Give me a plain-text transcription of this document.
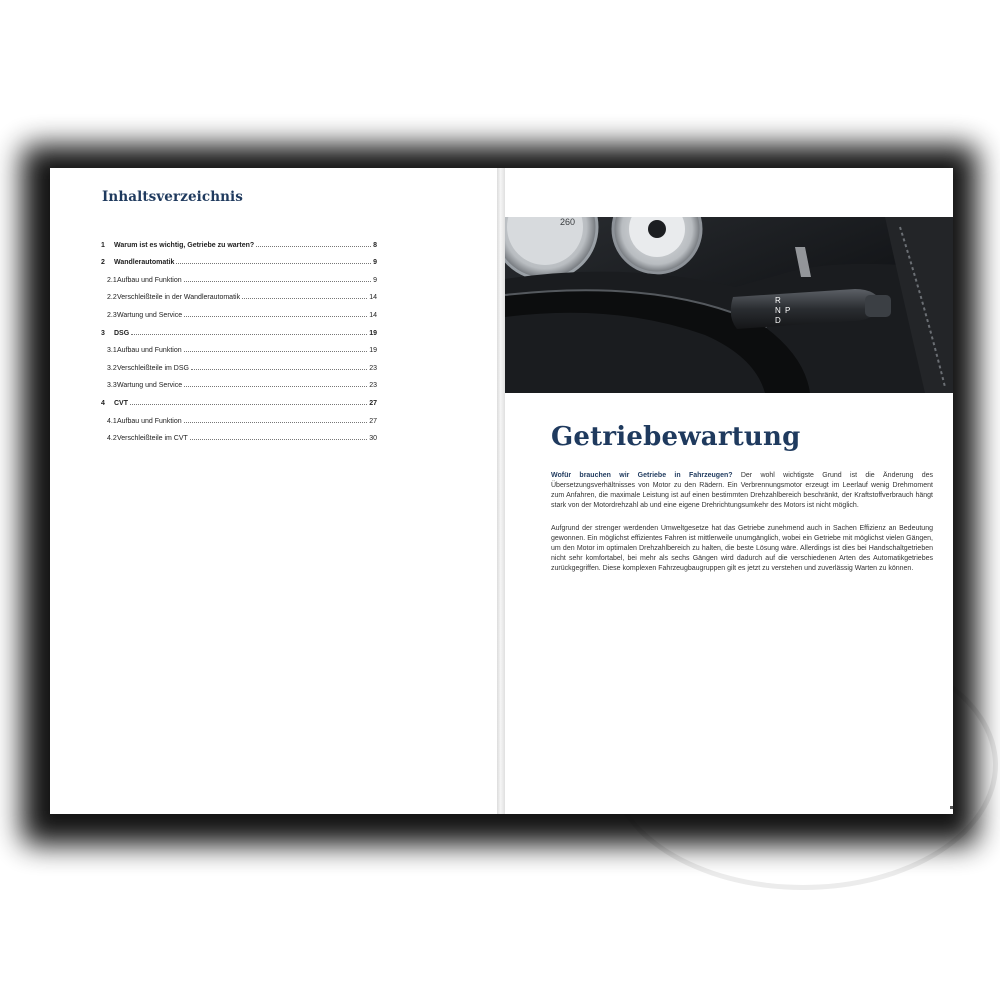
Inhaltsverzeichnis
1	Warum ist es wichtig, Getriebe zu warten?	8
2	Wandlerautomatik	9
2.1 Aufbau und Funktion	9
2.2 Verschleißteile in der Wandlerautomatik	14
2.3 Wartung und Service	14
3	DSG	19
3.1 Aufbau und Funktion	19
3.2 Verschleißteile im DSG	23
3.3 Wartung und Service	23
4	CVT	27
4.1 Aufbau und Funktion	27
4.2 Verschleißteile im CVT	30
R
N P
D
260
Getriebewartung

Wofür brauchen wir Getriebe in Fahrzeugen? Der wohl wichtigste Grund ist die Änderung des Übersetzungsverhältnisses von Motor zu den Rädern. Ein Verbrennungsmotor erzeugt im Leerlauf wenig Drehmoment zum Anfahren, die maximale Leistung ist auf einen bestimmten Drehzahlbereich beschränkt, der Kraftstoffverbrauch hängt stark von der Motordrehzahl ab und eine eigene Drehrichtungsumkehr des Motors ist nicht möglich.

Aufgrund der strenger werdenden Umweltgesetze hat das Getriebe zunehmend auch in Sachen Effizienz an Bedeutung gewonnen. Ein möglichst effizientes Fahren ist mittlerweile unumgänglich, wobei ein Getriebe mit möglichst vielen Gängen, um den Motor im optimalen Drehzahlbereich zu halten, die beste Lösung wäre. Allerdings ist dies bei Handschaltgetrieben nicht sehr komfortabel, bei mehr als sechs Gängen wird dadurch auf die verschiedenen Arten des Automatikgetriebes zurückgegriffen. Diese komplexen Fahrzeugbaugruppen gilt es jetzt zu verstehen und zuverlässig Warten zu können.
